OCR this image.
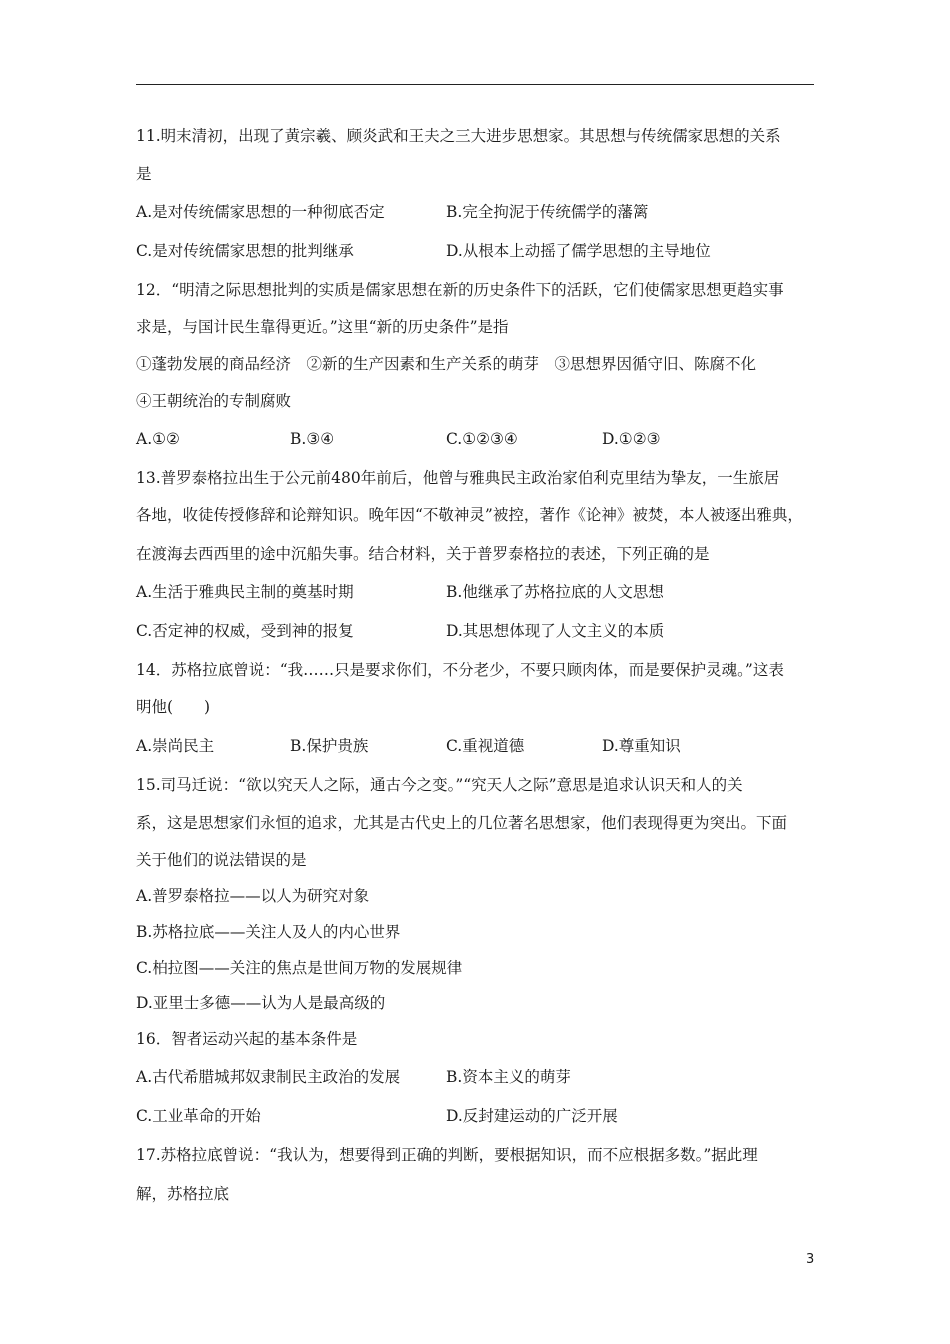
11.明末清初，出现了黄宗羲、顾炎武和王夫之三大进步思想家。其思想与传统儒家思想的关系
是
A.是对传统儒家思想的一种彻底否定	B.完全拘泥于传统儒学的藩篱
C.是对传统儒家思想的批判继承	D.从根本上动摇了儒学思想的主导地位
12．“明清之际思想批判的实质是儒家思想在新的历史条件下的活跃，它们使儒家思想更趋实事
求是，与国计民生靠得更近。”这里“新的历史条件”是指
①蓬勃发展的商品经济　②新的生产因素和生产关系的萌芽　③思想界因循守旧、陈腐不化
④王朝统治的专制腐败
A.①②	B.③④	C.①②③④	D.①②③
13.普罗泰格拉出生于公元前480年前后，他曾与雅典民主政治家伯利克里结为挚友，一生旅居
各地，收徒传授修辞和论辩知识。晚年因“不敬神灵”被控，著作《论神》被焚，本人被逐出雅典，
在渡海去西西里的途中沉船失事。结合材料，关于普罗泰格拉的表述，下列正确的是
A.生活于雅典民主制的奠基时期	B.他继承了苏格拉底的人文思想
C.否定神的权威，受到神的报复	D.其思想体现了人文主义的本质
14．苏格拉底曾说：“我……只是要求你们，不分老少，不要只顾肉体，而是要保护灵魂。”这表
明他(　　)
A.崇尚民主	B.保护贵族	C.重视道德	D.尊重知识
15.司马迁说：“欲以究天人之际，通古今之变。”“究天人之际”意思是追求认识天和人的关
系，这是思想家们永恒的追求，尤其是古代史上的几位著名思想家，他们表现得更为突出。下面
关于他们的说法错误的是
A.普罗泰格拉——以人为研究对象
B.苏格拉底——关注人及人的内心世界
C.柏拉图——关注的焦点是世间万物的发展规律
D.亚里士多德——认为人是最高级的
16．智者运动兴起的基本条件是
A.古代希腊城邦奴隶制民主政治的发展	B.资本主义的萌芽
C.工业革命的开始	D.反封建运动的广泛开展
17.苏格拉底曾说：“我认为，想要得到正确的判断，要根据知识，而不应根据多数。”据此理
解，苏格拉底
3
